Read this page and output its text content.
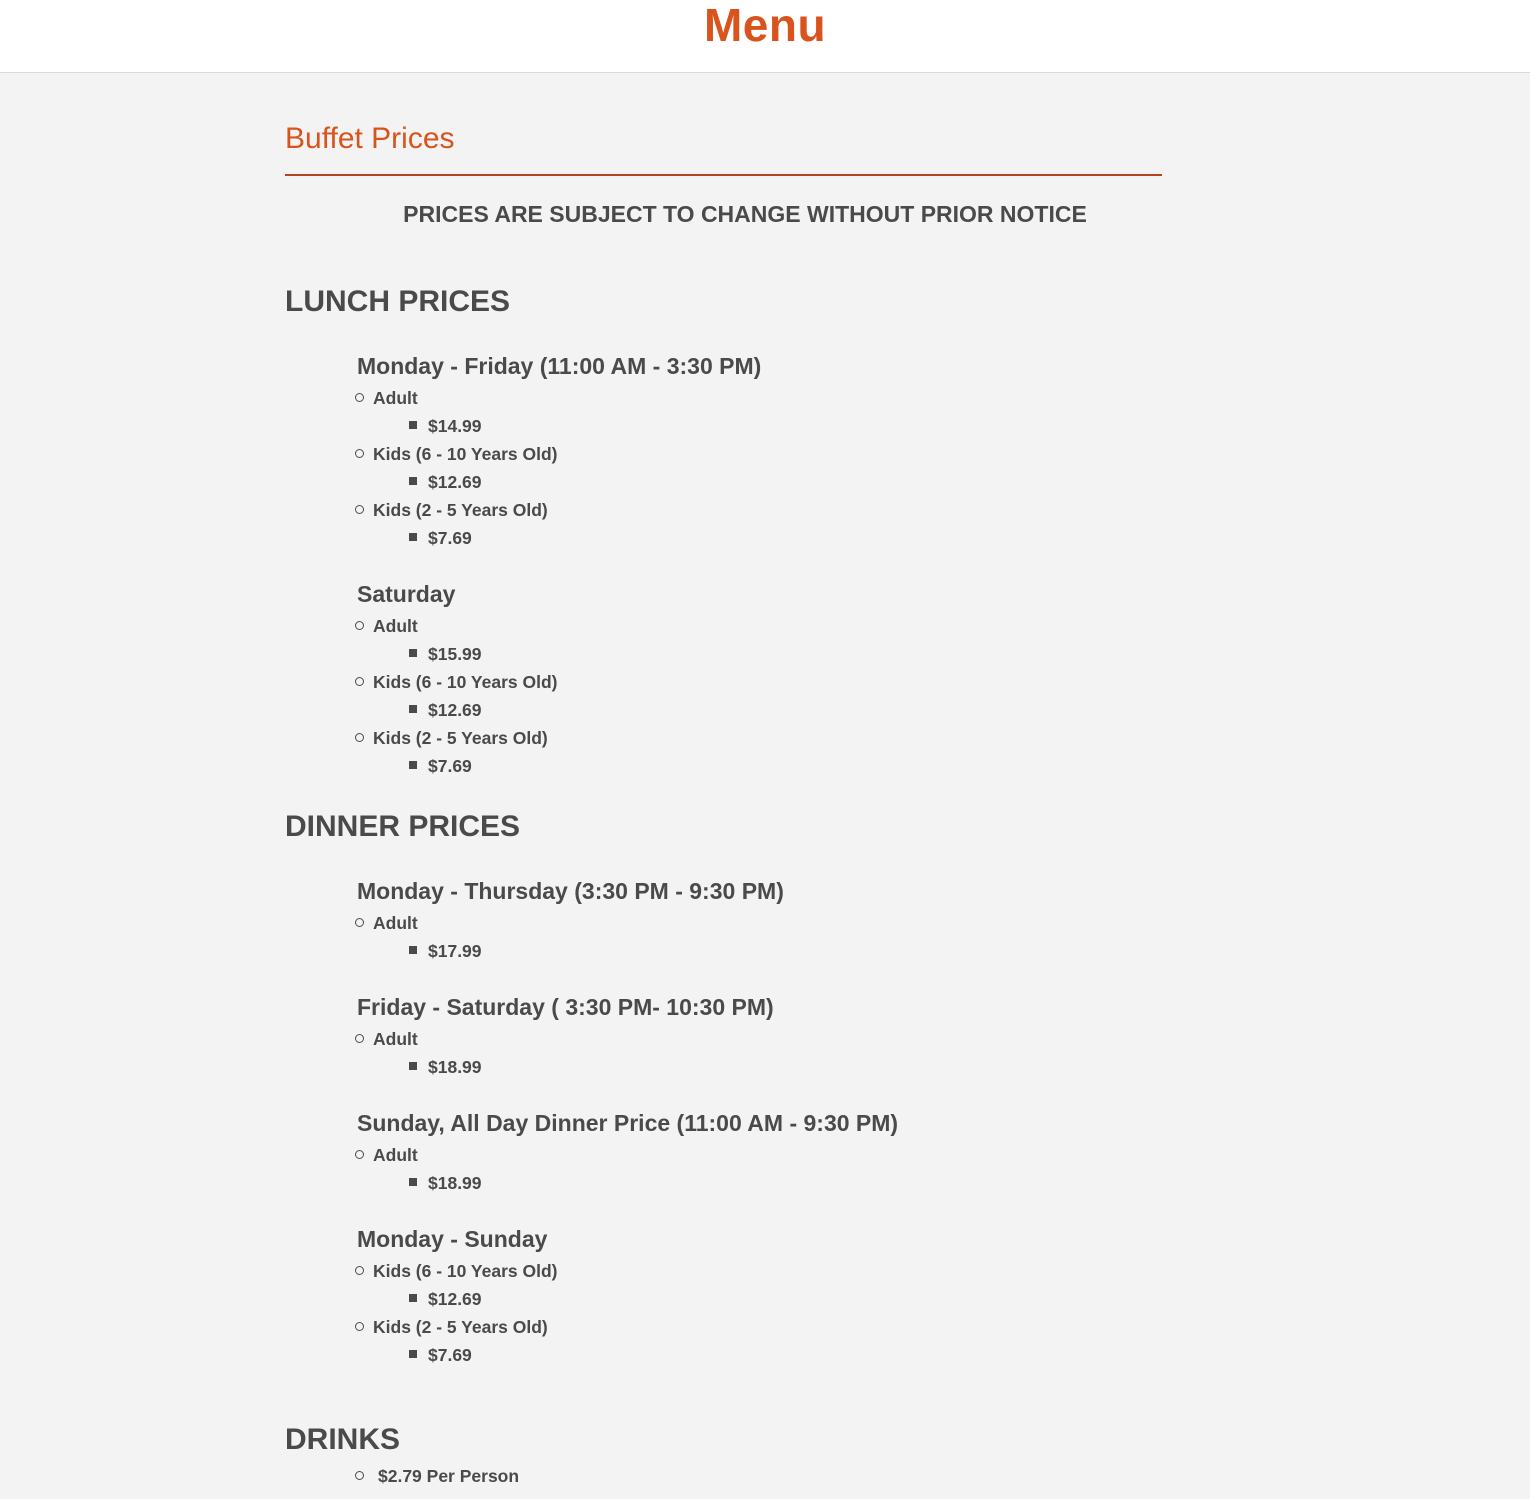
Menu
Buffet Prices
PRICES ARE SUBJECT TO CHANGE WITHOUT PRIOR NOTICE
LUNCH PRICES
Monday - Friday (11:00 AM - 3:30 PM)
Adult
$14.99
Kids (6 - 10 Years Old)
$12.69
Kids (2 - 5 Years Old)
$7.69
Saturday
Adult
$15.99
Kids (6 - 10 Years Old)
$12.69
Kids (2 - 5 Years Old)
$7.69
DINNER PRICES
Monday - Thursday (3:30 PM - 9:30 PM)
Adult
$17.99
Friday - Saturday ( 3:30 PM- 10:30 PM)
Adult
$18.99
Sunday, All Day Dinner Price (11:00 AM - 9:30 PM)
Adult
$18.99
Monday - Sunday
Kids (6 - 10 Years Old)
$12.69
Kids (2 - 5 Years Old)
$7.69
DRINKS
$2.79 Per Person
